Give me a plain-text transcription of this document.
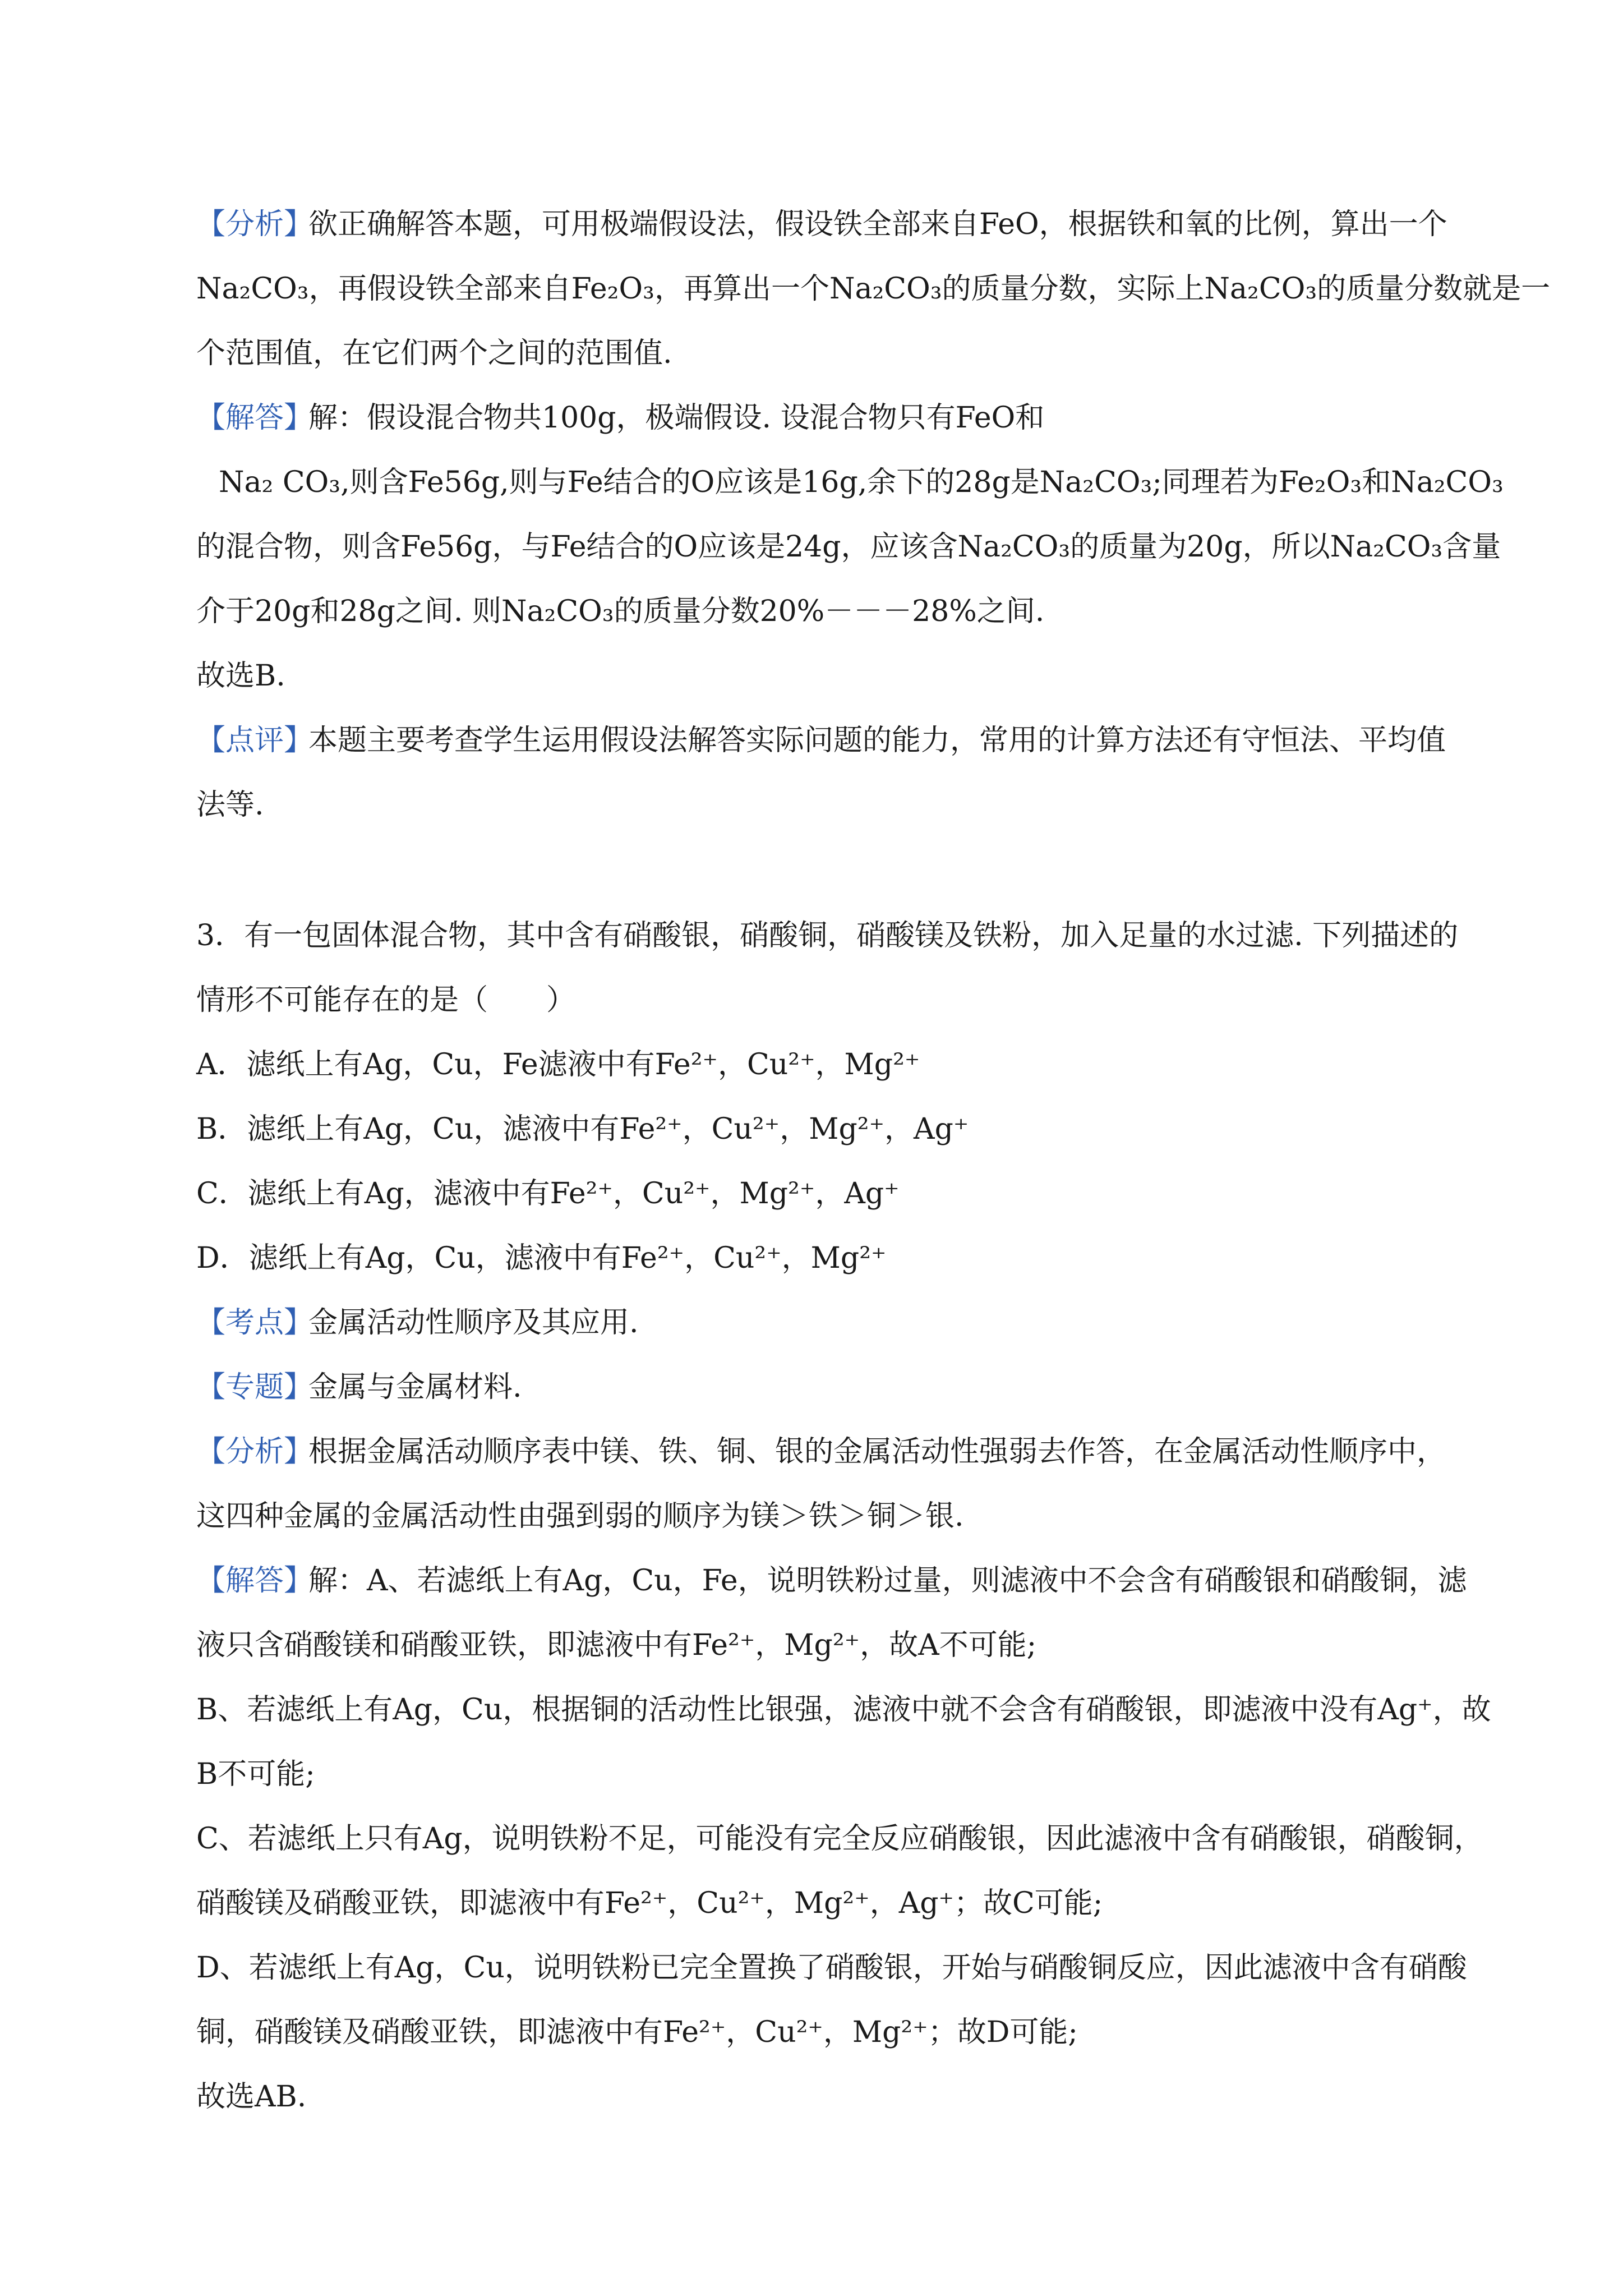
【分析】
欲正确解答本题，可用极端假设法，假设铁全部来自FeO，根据铁和氧的比例，算出一个
Na₂CO₃，再假设铁全部来自Fe₂O₃，再算出一个Na₂CO₃的质量分数，实际上Na₂CO₃的质量分数就是一
个范围值，在它们两个之间的范围值.
【解答】
解：假设混合物共100g，极端假设. 设混合物只有FeO和
Na₂ CO₃,则含Fe56g,则与Fe结合的O应该是16g,余下的28g是Na₂CO₃;同理若为Fe₂O₃和Na₂CO₃
的混合物，则含Fe56g，与Fe结合的O应该是24g，应该含Na₂CO₃的质量为20g，所以Na₂CO₃含量
介于20g和28g之间. 则Na₂CO₃的质量分数20%－－－28%之间.
故选B.
【点评】
本题主要考查学生运用假设法解答实际问题的能力，常用的计算方法还有守恒法、平均值
法等.
3．有一包固体混合物，其中含有硝酸银，硝酸铜，硝酸镁及铁粉，加入足量的水过滤. 下列描述的
情形不可能存在的是（　　）
A．滤纸上有Ag，Cu，Fe滤液中有Fe²⁺，Cu²⁺，Mg²⁺
B．滤纸上有Ag，Cu，滤液中有Fe²⁺，Cu²⁺，Mg²⁺，Ag⁺
C．滤纸上有Ag，滤液中有Fe²⁺，Cu²⁺，Mg²⁺，Ag⁺
D．滤纸上有Ag，Cu，滤液中有Fe²⁺，Cu²⁺，Mg²⁺
【考点】
金属活动性顺序及其应用.
【专题】
金属与金属材料.
【分析】
根据金属活动顺序表中镁、铁、铜、银的金属活动性强弱去作答，在金属活动性顺序中，
这四种金属的金属活动性由强到弱的顺序为镁＞铁＞铜＞银.
【解答】
解：A、若滤纸上有Ag，Cu，Fe，说明铁粉过量，则滤液中不会含有硝酸银和硝酸铜，滤
液只含硝酸镁和硝酸亚铁，即滤液中有Fe²⁺，Mg²⁺，故A不可能;
B、若滤纸上有Ag，Cu，根据铜的活动性比银强，滤液中就不会含有硝酸银，即滤液中没有Ag⁺，故
B不可能;
C、若滤纸上只有Ag，说明铁粉不足，可能没有完全反应硝酸银，因此滤液中含有硝酸银，硝酸铜，
硝酸镁及硝酸亚铁，即滤液中有Fe²⁺，Cu²⁺，Mg²⁺，Ag⁺；故C可能;
D、若滤纸上有Ag，Cu，说明铁粉已完全置换了硝酸银，开始与硝酸铜反应，因此滤液中含有硝酸
铜，硝酸镁及硝酸亚铁，即滤液中有Fe²⁺，Cu²⁺，Mg²⁺；故D可能;
故选AB.
